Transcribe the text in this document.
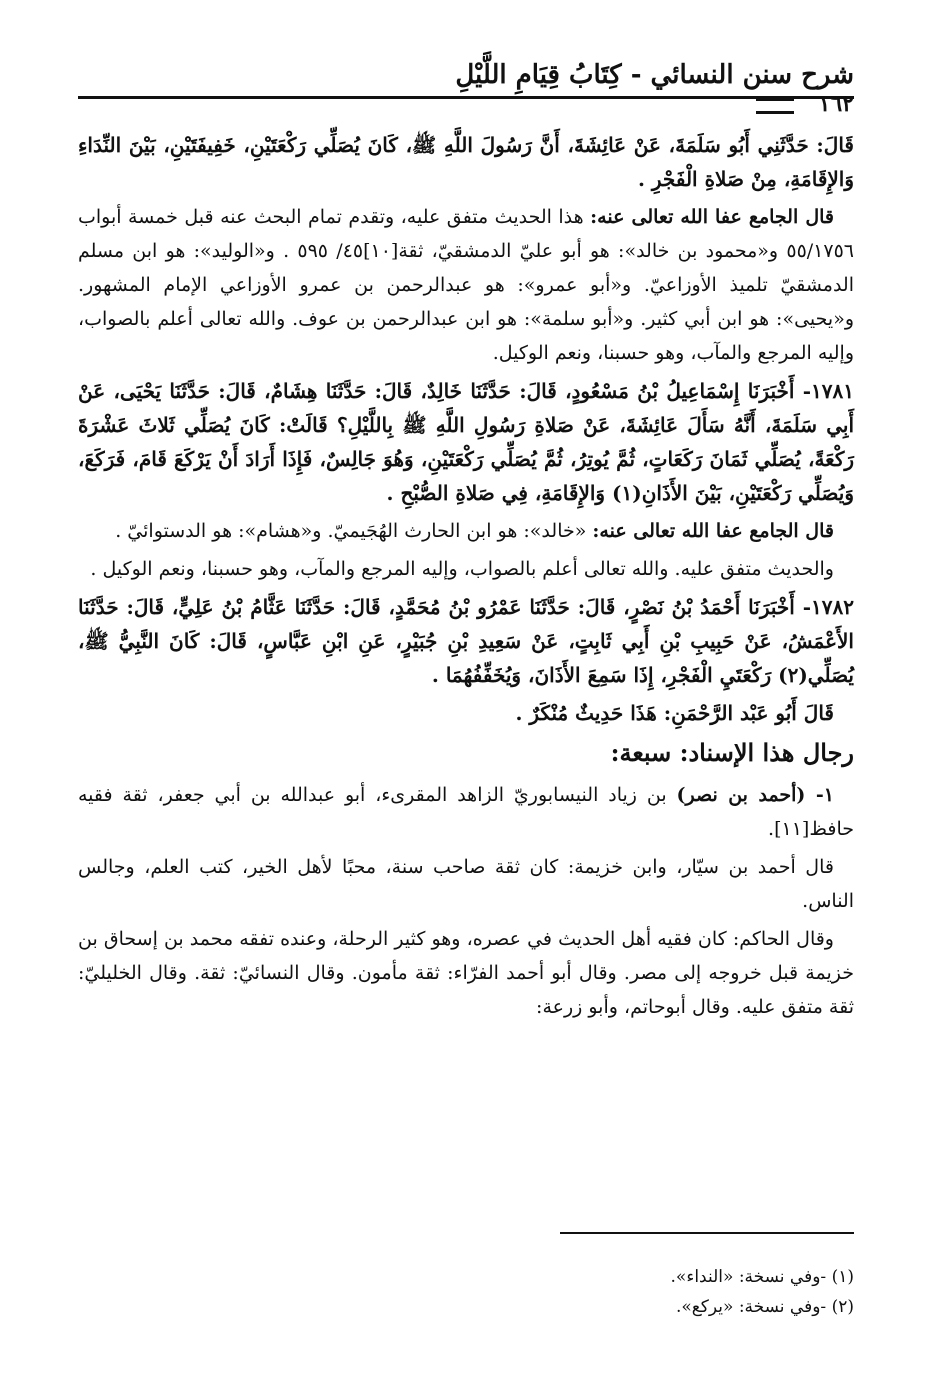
شرح سنن النسائي - كِتَابُ قِيَامِ اللَّيْلِ
١٦٢

قَالَ: حَدَّثَنِي أَبُو سَلَمَةَ، عَنْ عَائِشَةَ، أَنَّ رَسُولَ اللَّهِ ﷺ، كَانَ يُصَلِّي رَكْعَتَيْنِ، خَفِيفَتَيْنِ، بَيْنَ النِّدَاءِ وَالإِقَامَةِ، مِنْ صَلاةِ الْفَجْرِ .

قال الجامع عفا الله تعالى عنه: هذا الحديث متفق عليه، وتقدم تمام البحث عنه قبل خمسة أبواب ٥٥/١٧٥٦ و«محمود بن خالد»: هو أبو عليّ الدمشقيّ، ثقة[١٠]٤٥/ ٥٩٥ . و«الوليد»: هو ابن مسلم الدمشقيّ تلميذ الأوزاعيّ. و«أبو عمرو»: هو عبدالرحمن بن عمرو الأوزاعي الإمام المشهور. و«يحيى»: هو ابن أبي كثير. و«أبو سلمة»: هو ابن عبدالرحمن بن عوف. والله تعالى أعلم بالصواب، وإليه المرجع والمآب، وهو حسبنا، ونعم الوكيل.

١٧٨١- أَخْبَرَنَا إِسْمَاعِيلُ بْنُ مَسْعُودٍ، قَالَ: حَدَّثَنَا خَالِدٌ، قَالَ: حَدَّثَنَا هِشَامٌ، قَالَ: حَدَّثَنَا يَحْيَى، عَنْ أَبِي سَلَمَةَ، أَنَّهُ سَأَلَ عَائِشَةَ، عَنْ صَلاةِ رَسُولِ اللَّهِ ﷺ بِاللَّيْلِ؟ قَالَتْ: كَانَ يُصَلِّي ثَلاثَ عَشْرَةَ رَكْعَةً، يُصَلِّي ثَمَانَ رَكَعَاتٍ، ثُمَّ يُوتِرُ، ثُمَّ يُصَلِّي رَكْعَتَيْنِ، وَهُوَ جَالِسٌ، فَإِذَا أَرَادَ أَنْ يَرْكَعَ قَامَ، فَرَكَعَ، وَيُصَلِّي رَكْعَتَيْنِ، بَيْنَ الأَذَانِ(١) وَالإِقَامَةِ، فِي صَلاةِ الصُّبْحِ .

قال الجامع عفا الله تعالى عنه: «خالد»: هو ابن الحارث الهُجَيميّ. و«هشام»: هو الدستوائيّ .

والحديث متفق عليه. والله تعالى أعلم بالصواب، وإليه المرجع والمآب، وهو حسبنا، ونعم الوكيل .

١٧٨٢- أَخْبَرَنَا أَحْمَدُ بْنُ نَصْرٍ، قَالَ: حَدَّثَنَا عَمْرُو بْنُ مُحَمَّدٍ، قَالَ: حَدَّثَنَا عَثَّامُ بْنُ عَلِيٍّ، قَالَ: حَدَّثَنَا الأَعْمَشُ، عَنْ حَبِيبِ بْنِ أَبِي ثَابِتٍ، عَنْ سَعِيدِ بْنِ جُبَيْرٍ، عَنِ ابْنِ عَبَّاسٍ، قَالَ: كَانَ النَّبِيُّ ﷺ، يُصَلِّي(٢) رَكْعَتَيِ الْفَجْرِ، إِذَا سَمِعَ الأَذَانَ، وَيُخَفِّفُهُمَا .

قَالَ أَبُو عَبْد الرَّحْمَنِ: هَذَا حَدِيثٌ مُنْكَرٌ .

رجال هذا الإسناد: سبعة:

١- (أحمد بن نصر) بن زياد النيسابوريّ الزاهد المقرىء، أبو عبدالله بن أبي جعفر، ثقة فقيه حافظ[١١].

قال أحمد بن سيّار، وابن خزيمة: كان ثقة صاحب سنة، محبًا لأهل الخير، كتب العلم، وجالس الناس.

وقال الحاكم: كان فقيه أهل الحديث في عصره، وهو كثير الرحلة، وعنده تفقه محمد بن إسحاق بن خزيمة قبل خروجه إلى مصر. وقال أبو أحمد الفرّاء: ثقة مأمون. وقال النسائيّ: ثقة. وقال الخليليّ: ثقة متفق عليه. وقال أبوحاتم، وأبو زرعة:

(١) -وفي نسخة: «النداء».

(٢) -وفي نسخة: «يركع».
